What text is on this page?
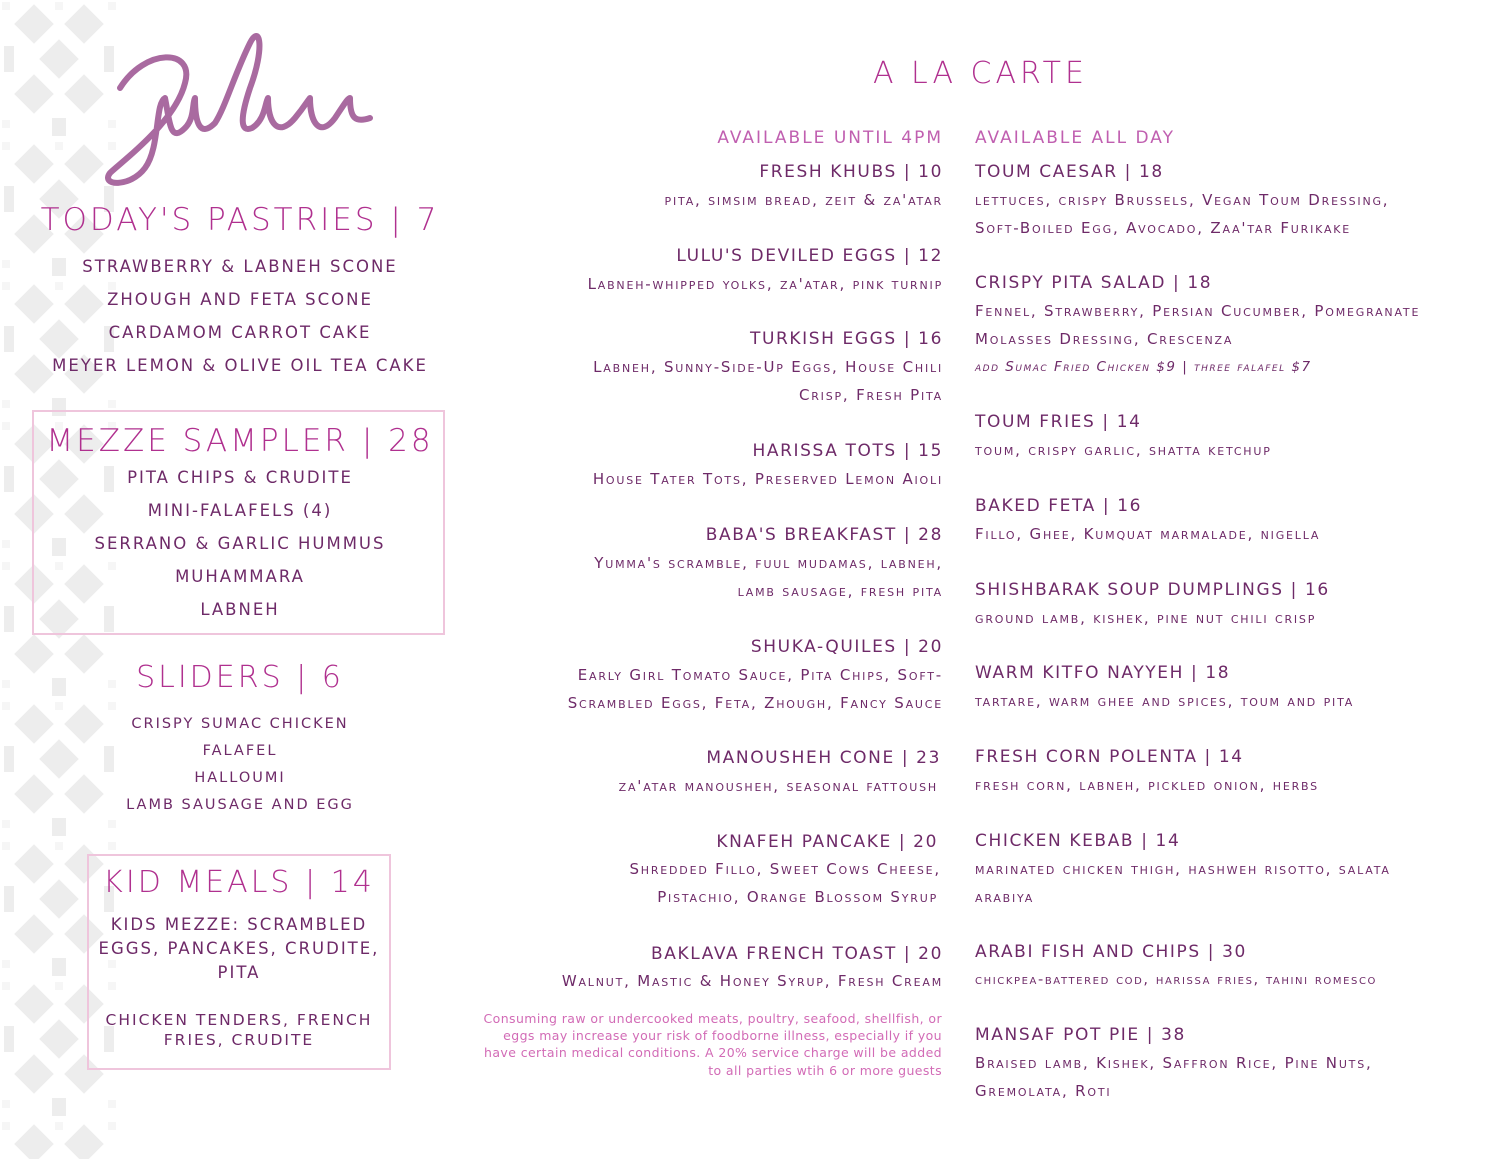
TODAY'S PASTRIES | 7
STRAWBERRY & LABNEH SCONE
ZHOUGH AND FETA SCONE
CARDAMOM CARROT CAKE
MEYER LEMON & OLIVE OIL TEA CAKE
MEZZE SAMPLER | 28
PITA CHIPS & CRUDITE
MINI-FALAFELS (4)
SERRANO & GARLIC HUMMUS
MUHAMMARA
LABNEH
SLIDERS | 6
CRISPY SUMAC CHICKEN
FALAFEL
HALLOUMI
LAMB SAUSAGE AND EGG
KID MEALS | 14
KIDS MEZZE: SCRAMBLED
EGGS, PANCAKES, CRUDITE,
PITA
CHICKEN TENDERS, FRENCH
FRIES, CRUDITE
A LA CARTE
AVAILABLE UNTIL 4PM AVAILABLE ALL DAY
FRESH KHUBS | 10
pita, simsim bread, zeit & za'atar
LULU'S DEVILED EGGS | 12
Labneh-whipped yolks, za'atar, pink turnip
TURKISH EGGS | 16
Labneh, Sunny-Side-Up Eggs, House Chili
Crisp, Fresh Pita
HARISSA TOTS | 15
House Tater Tots, Preserved Lemon Aioli
BABA'S BREAKFAST | 28
Yumma's scramble, fuul mudamas, labneh,
lamb sausage, fresh pita
SHUKA-QUILES | 20
Early Girl Tomato Sauce, Pita Chips, Soft-
Scrambled Eggs, Feta, Zhough, Fancy Sauce
MANOUSHEH CONE | 23
za'atar manousheh, seasonal fattoush
KNAFEH PANCAKE | 20
Shredded Fillo, Sweet Cows Cheese,
Pistachio, Orange Blossom Syrup
BAKLAVA FRENCH TOAST | 20
Walnut, Mastic & Honey Syrup, Fresh Cream
Consuming raw or undercooked meats, poultry, seafood, shellfish, or eggs may increase your risk of foodborne illness, especially if you have certain medical conditions. A 20% service charge will be added to all parties wtih 6 or more guests
TOUM CAESAR | 18
lettuces, crispy Brussels, Vegan Toum Dressing,
Soft-Boiled Egg, Avocado, Zaa'tar Furikake
CRISPY PITA SALAD | 18
Fennel, Strawberry, Persian Cucumber, Pomegranate
Molasses Dressing, Crescenza
add Sumac Fried Chicken $9 | three falafel $7
TOUM FRIES | 14
toum, crispy garlic, shatta ketchup
BAKED FETA | 16
Fillo, Ghee, Kumquat marmalade, nigella
SHISHBARAK SOUP DUMPLINGS | 16
ground lamb, kishek, pine nut chili crisp
WARM KITFO NAYYEH | 18
tartare, warm ghee and spices, toum and pita
FRESH CORN POLENTA | 14
fresh corn, labneh, pickled onion, herbs
CHICKEN KEBAB | 14
marinated chicken thigh, hashweh risotto, salata
arabiya
ARABI FISH AND CHIPS | 30
chickpea-battered cod, harissa fries, tahini romesco
MANSAF POT PIE | 38
Braised lamb, Kishek, Saffron Rice, Pine Nuts,
Gremolata, Roti
